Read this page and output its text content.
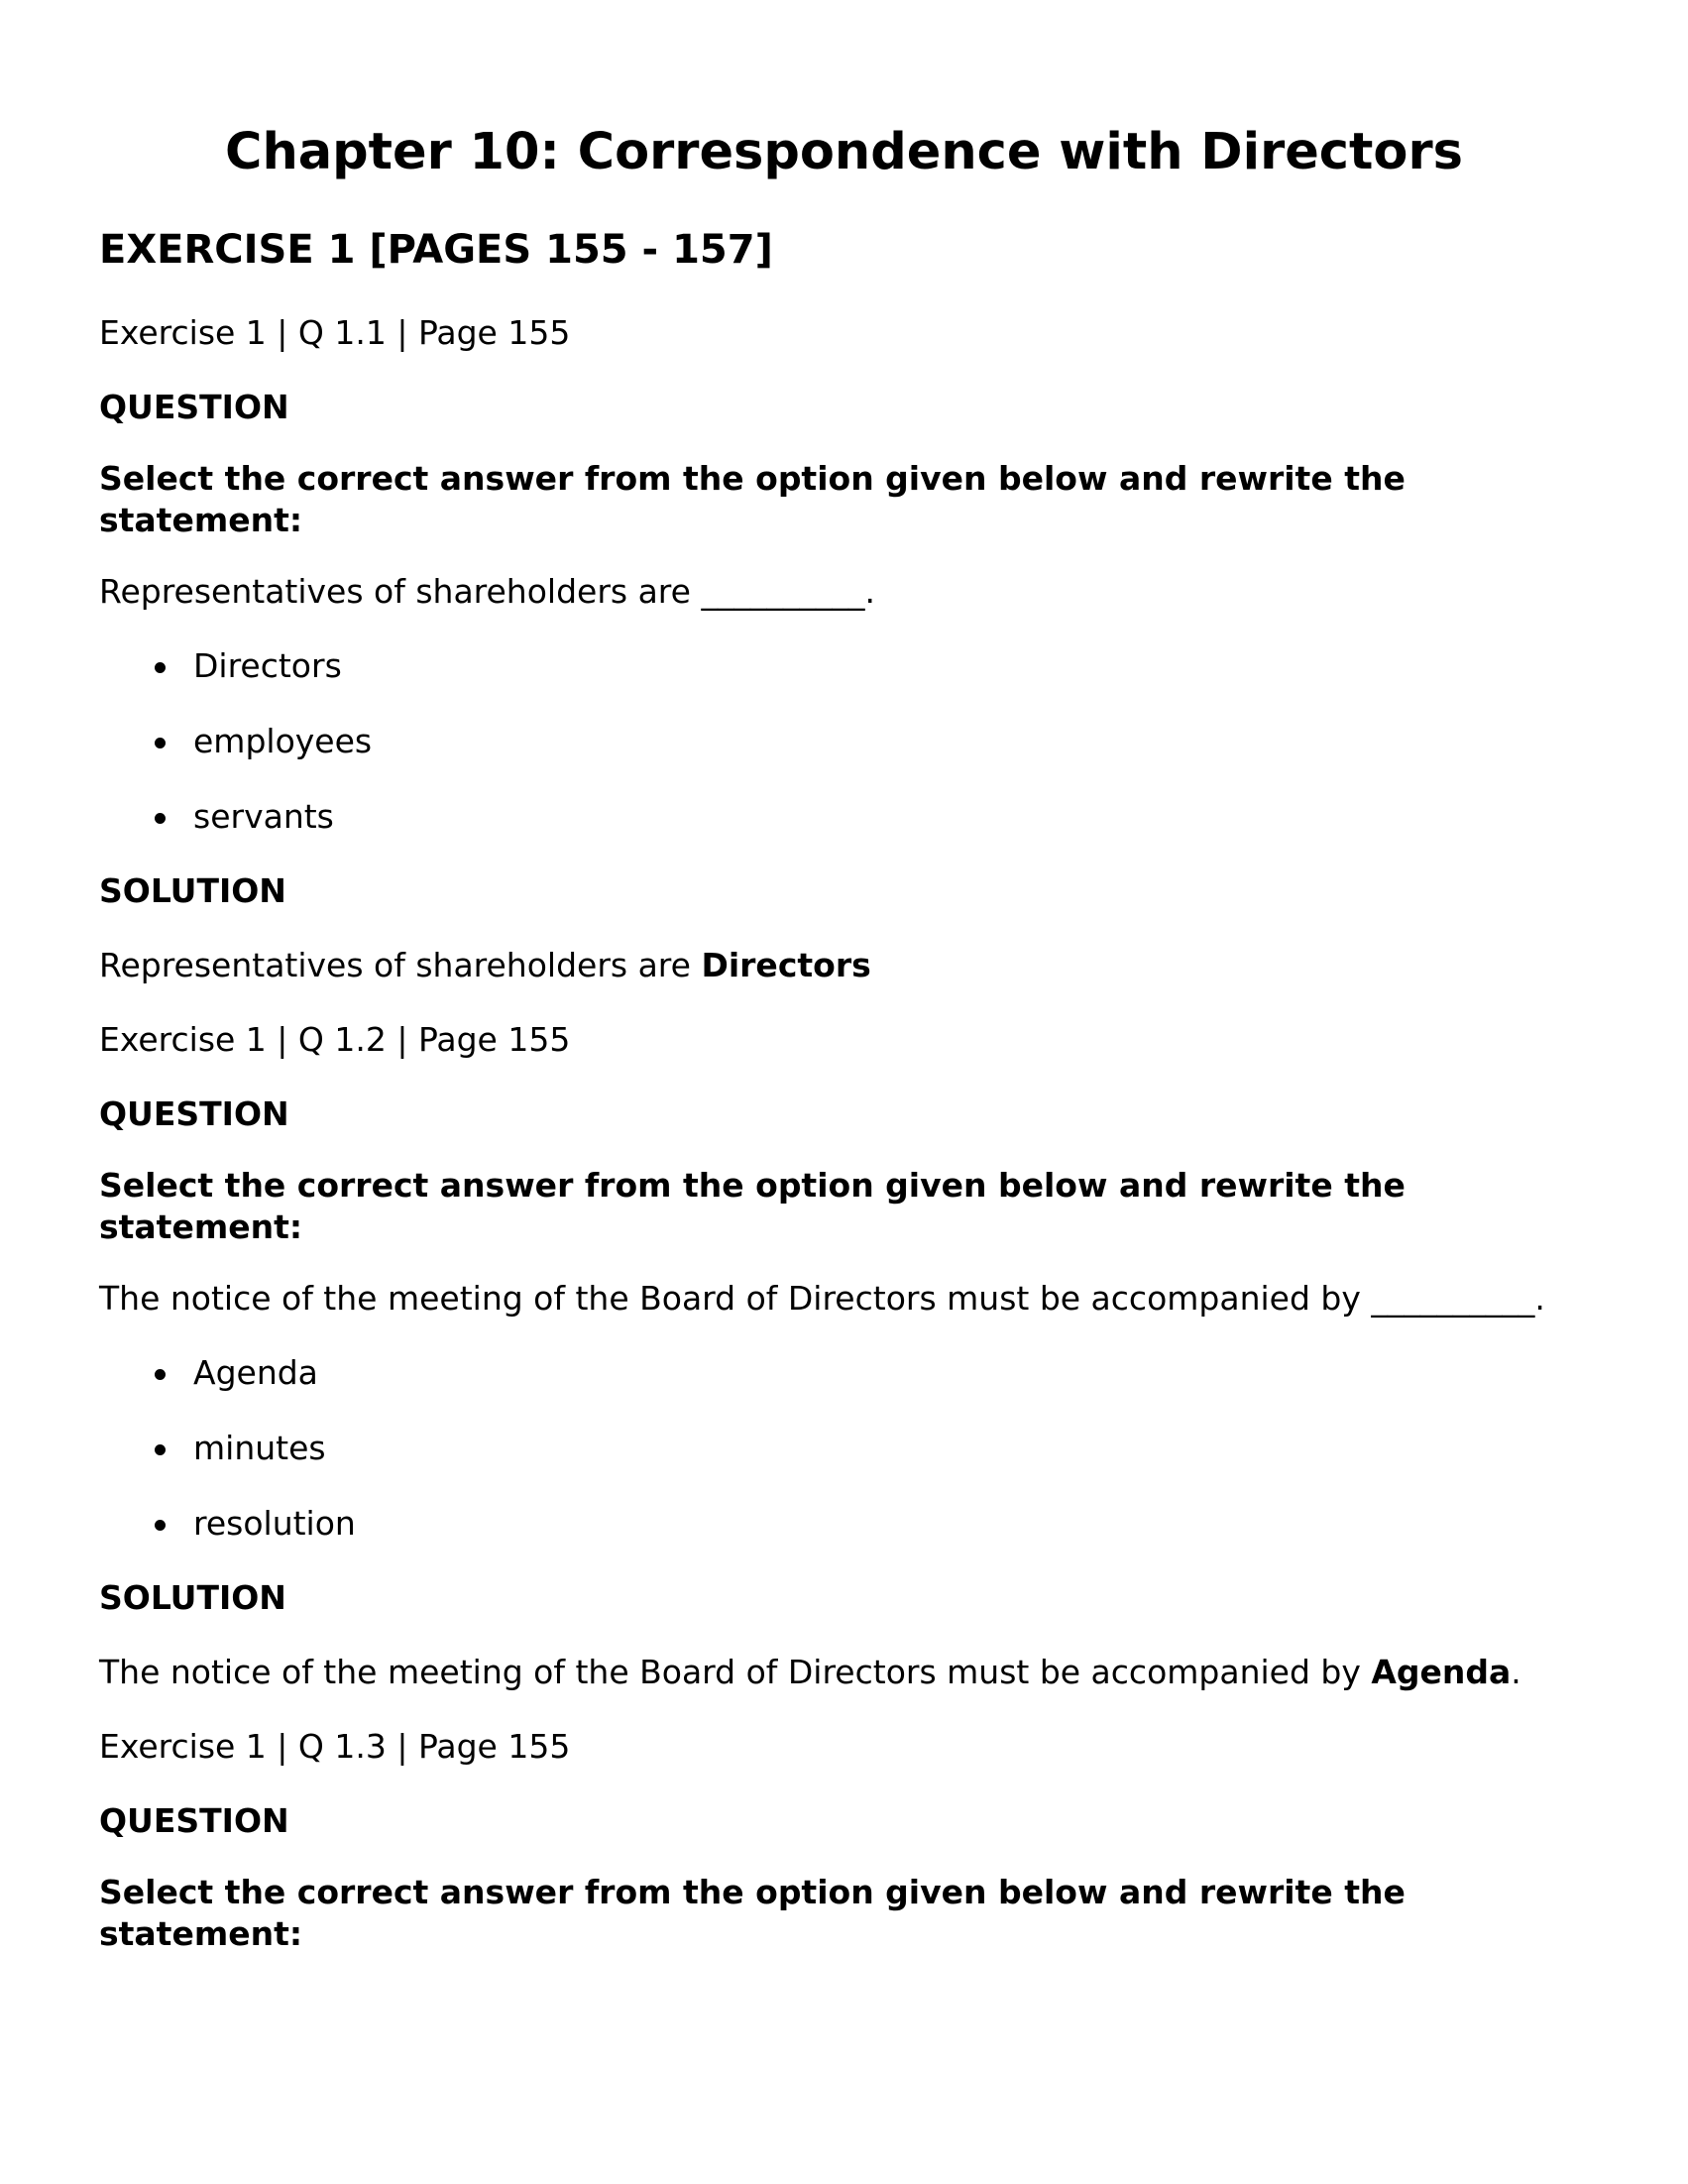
Chapter 10: Correspondence with Directors
EXERCISE 1 [PAGES 155 - 157]

Exercise 1 | Q 1.1 | Page 155

QUESTION

Select the correct answer from the option given below and rewrite the statement:

Representatives of shareholders are __________.

Directors
employees
servants

SOLUTION

Representatives of shareholders are Directors

Exercise 1 | Q 1.2 | Page 155

QUESTION

Select the correct answer from the option given below and rewrite the statement:

The notice of the meeting of the Board of Directors must be accompanied by __________.

Agenda
minutes
resolution

SOLUTION

The notice of the meeting of the Board of Directors must be accompanied by Agenda.

Exercise 1 | Q 1.3 | Page 155

QUESTION

Select the correct answer from the option given below and rewrite the statement:
